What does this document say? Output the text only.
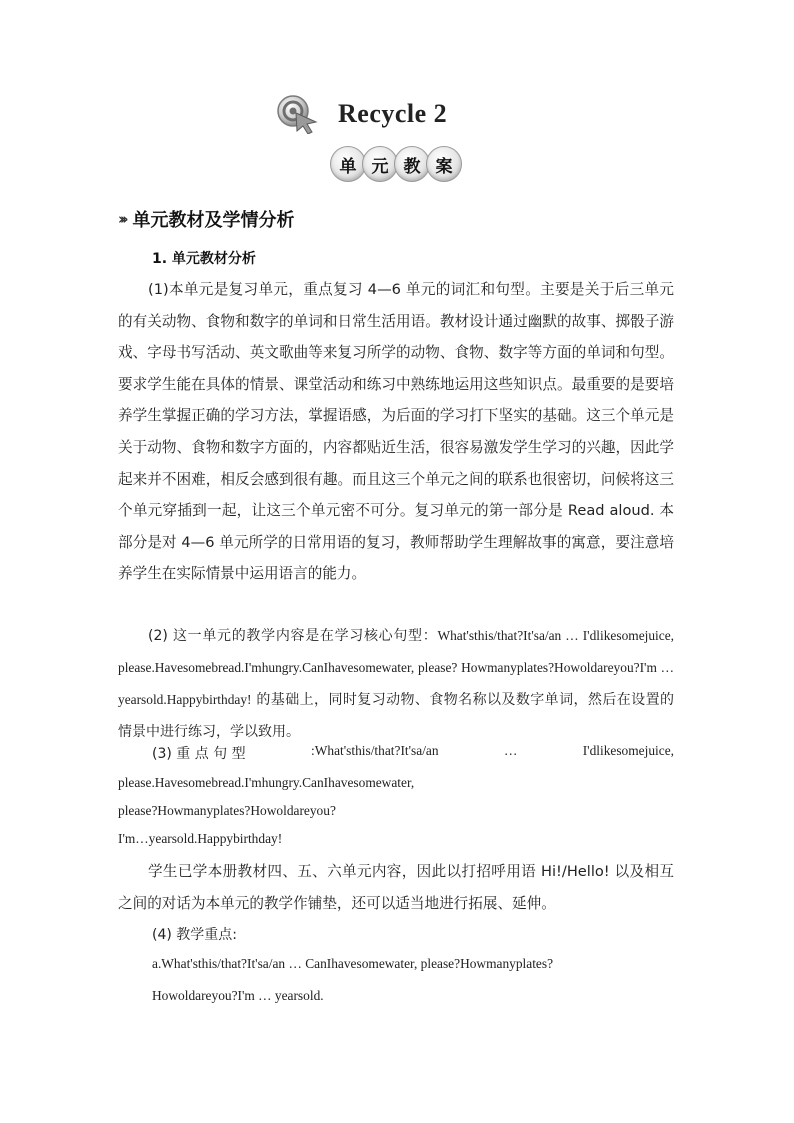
Recycle 2
单 元 教 案
››› 单元教材及学情分析
1. 单元教材分析

(1)本单元是复习单元，重点复习 4—6 单元的词汇和句型。主要是关于后三单元的有关动物、食物和数字的单词和日常生活用语。教材设计通过幽默的故事、掷骰子游戏、字母书写活动、英文歌曲等来复习所学的动物、食物、数字等方面的单词和句型。要求学生能在具体的情景、课堂活动和练习中熟练地运用这些知识点。最重要的是要培养学生掌握正确的学习方法，掌握语感，为后面的学习打下坚实的基础。这三个单元是关于动物、食物和数字方面的，内容都贴近生活，很容易激发学生学习的兴趣，因此学起来并不困难，相反会感到很有趣。而且这三个单元之间的联系也很密切，问候将这三个单元穿插到一起，让这三个单元密不可分。复习单元的第一部分是 Read aloud. 本部分是对 4—6 单元所学的日常用语的复习，教师帮助学生理解故事的寓意，要注意培养学生在实际情景中运用语言的能力。

(2) 这一单元的教学内容是在学习核心句型：What'sthis/that?It'sa/an … I'dlikesomejuice, please.Havesomebread.I'mhungry.CanIhavesomewater, please? Howmanyplates?Howoldareyou?I'm … yearsold.Happybirthday! 的基础上，同时复习动物、食物名称以及数字单词，然后在设置的情景中进行练习，学以致用。

(3) 重 点 句 型	:What'sthis/that?It'sa/an	…	I'dlikesomejuice,
please.Havesomebread.I'mhungry.CanIhavesomewater,
please?Howmanyplates?Howoldareyou?
I'm…yearsold.Happybirthday!

学生已学本册教材四、五、六单元内容，因此以打招呼用语 Hi!/Hello! 以及相互之间的对话为本单元的教学作铺垫，还可以适当地进行拓展、延伸。

(4) 教学重点:
a.What'sthis/that?It'sa/an … CanIhavesomewater, please?Howmanyplates?
Howoldareyou?I'm … yearsold.
